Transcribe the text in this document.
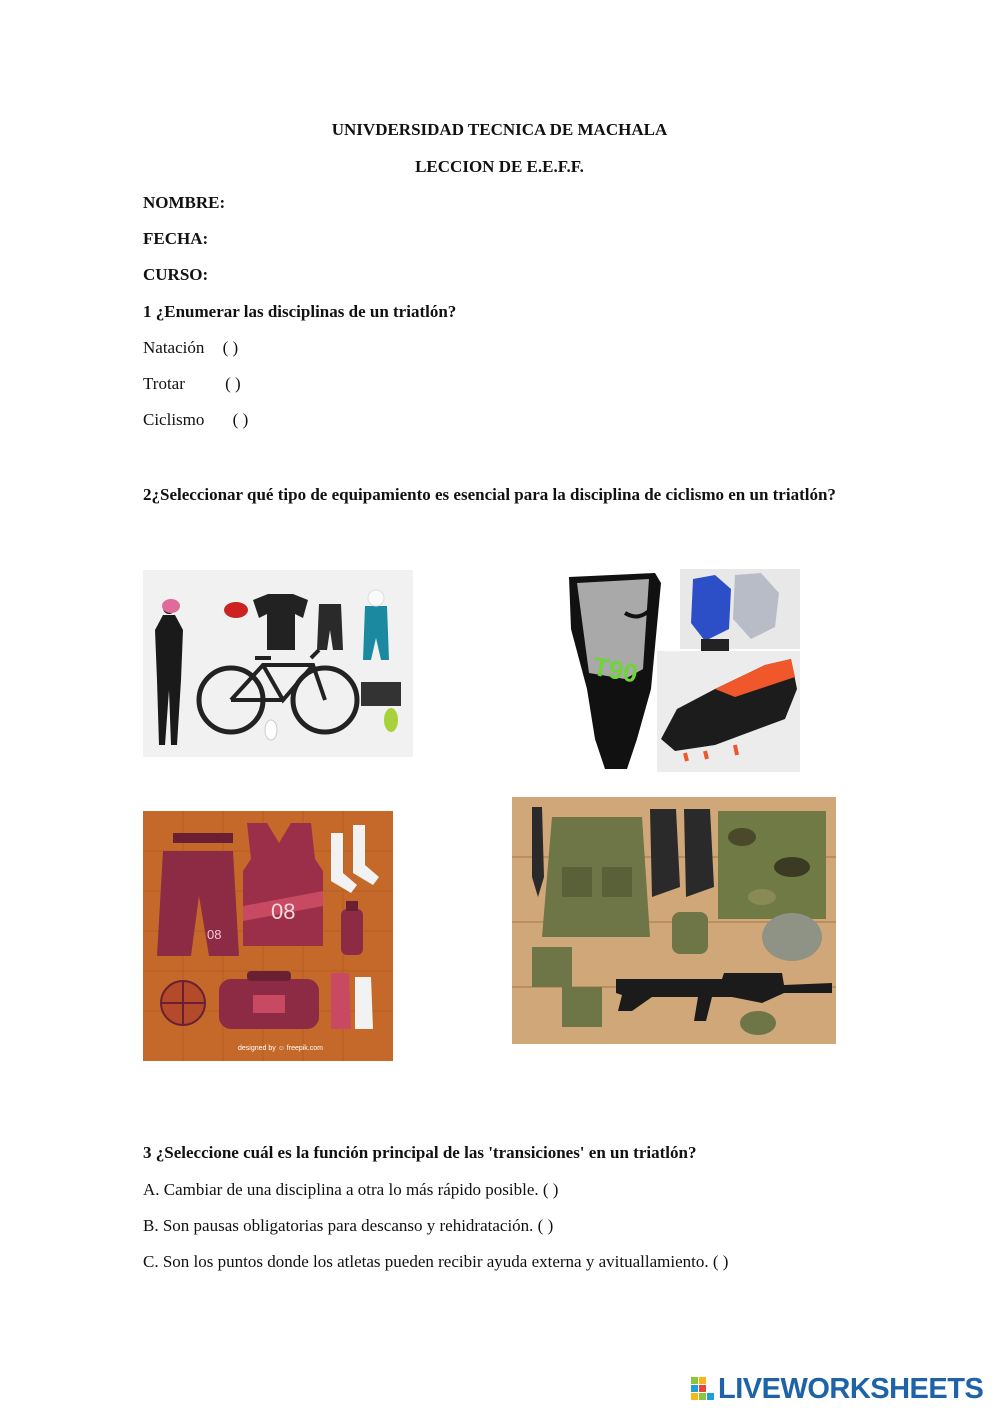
UNIVDERSIDAD TECNICA DE MACHALA
LECCION DE E.E.F.F.
NOMBRE:
FECHA:
CURSO:
1 ¿Enumerar las disciplinas de un triatlón?
Natación ( )
Trotar ( )
Ciclismo ( )
2¿Seleccionar qué tipo de equipamiento es esencial para la disciplina de ciclismo en un triatlón?
T90
08
08
designed by ☺ freepik.com
3 ¿Seleccione cuál es la función principal de las 'transiciones' en un triatlón?
A. Cambiar de una disciplina a otra lo más rápido posible. ( )
B. Son pausas obligatorias para descanso y rehidratación. ( )
C. Son los puntos donde los atletas pueden recibir ayuda externa y avituallamiento. ( )
LIVEWORKSHEETS
